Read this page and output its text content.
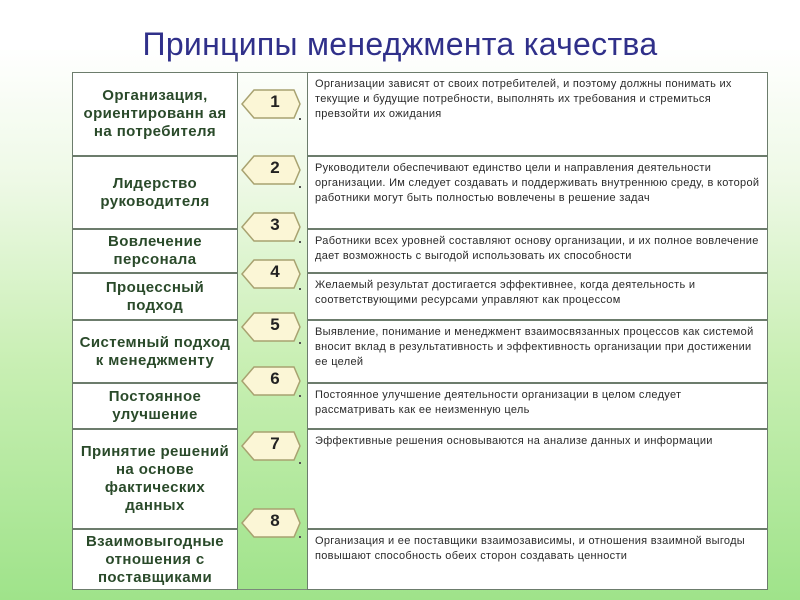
Принципы менеджмента качества
Организация, ориентированн ая на потребителя
Лидерство руководителя
Вовлечение персонала
Процессный подход
Системный подход к менеджменту
Постоянное улучшение
Принятие решений на основе фактических данных
Взаимовыгодные отношения с поставщиками
Организации зависят от своих потребителей, и поэтому должны понимать их текущие и будущие потребности, выполнять их требования и стремиться превзойти их ожидания
Руководители обеспечивают единство цели и направления деятельности организации. Им следует создавать и поддерживать внутреннюю среду, в которой работники могут быть полностью вовлечены в решение задач
Работники всех уровней составляют основу организации, и их полное вовлечение дает возможность с выгодой использовать их способности
Желаемый результат достигается эффективнее, когда деятельность и соответствующими ресурсами управляют как процессом
Выявление, понимание и менеджмент взаимосвязанных процессов как системой вносит вклад в результативность и эффективность организации при достижении ее целей
Постоянное улучшение деятельности организации в целом следует рассматривать как ее неизменную цель
Эффективные решения основываются на анализе данных и информации
Организация и ее поставщики взаимозависимы, и отношения взаимной выгоды повышают способность обеих сторон создавать ценности
1
2
3
4
5
6
7
8
